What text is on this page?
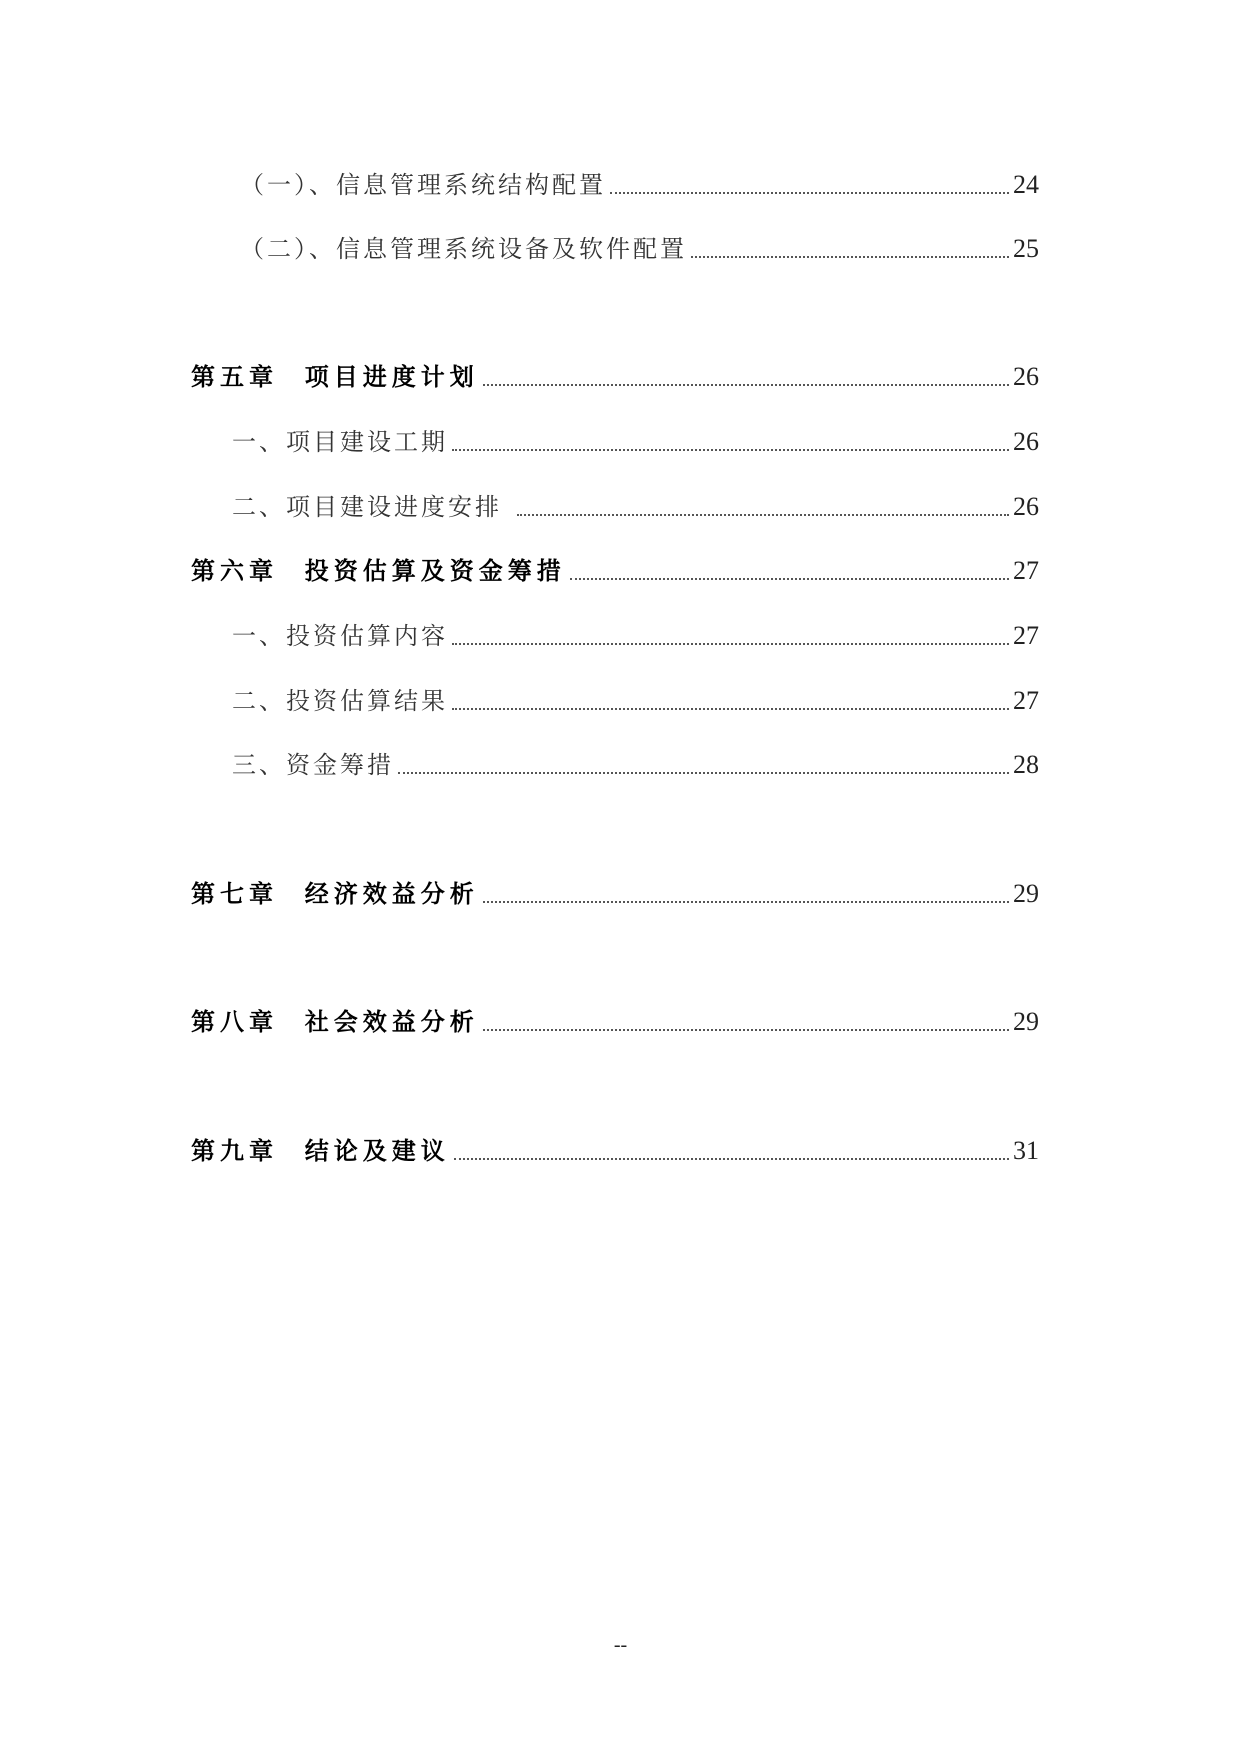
（一）、信息管理系统结构配置	24
（二）、信息管理系统设备及软件配置	25
第五章  项目进度计划	26
一、项目建设工期	26
二、项目建设进度安排	26
第六章  投资估算及资金筹措	27
一、投资估算内容	27
二、投资估算结果	27
三、资金筹措	28
第七章  经济效益分析	29
第八章  社会效益分析	29
第九章  结论及建议	31
--
